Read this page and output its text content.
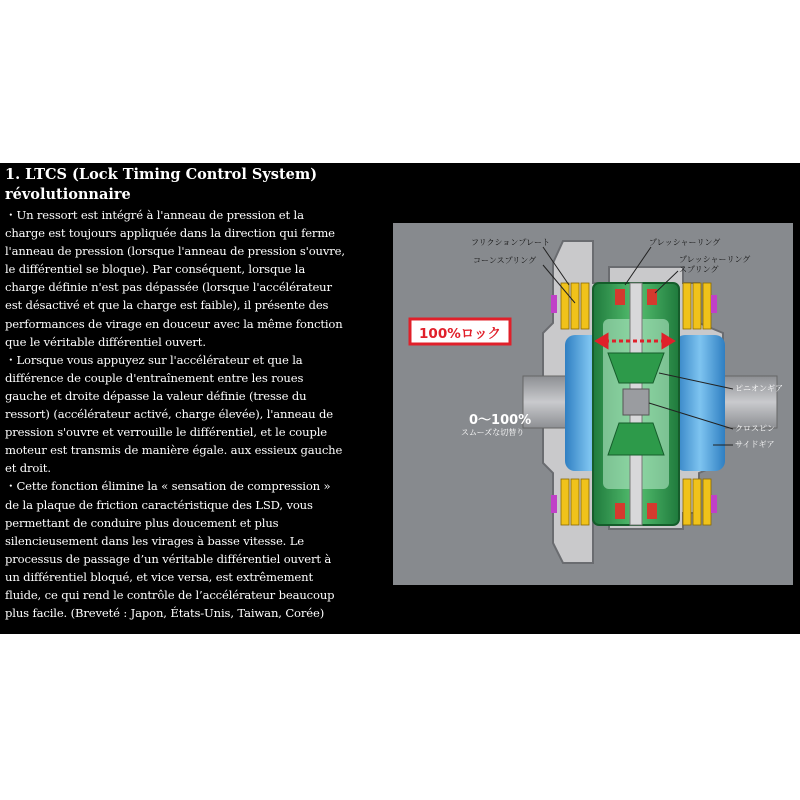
1. LTCS (Lock Timing Control System) révolutionnaire

・Un ressort est intégré à l'anneau de pression et la charge est toujours appliquée dans la direction qui ferme l'anneau de pression (lorsque l'anneau de pression s'ouvre, le différentiel se bloque). Par conséquent, lorsque la charge définie n'est pas dépassée (lorsque l'accélérateur est désactivé et que la charge est faible), il présente des performances de virage en douceur avec la même fonction que le véritable différentiel ouvert.

・Lorsque vous appuyez sur l'accélérateur et que la différence de couple d'entraînement entre les roues gauche et droite dépasse la valeur définie (tresse du ressort) (accélérateur activé, charge élevée), l'anneau de pression s'ouvre et verrouille le différentiel, et le couple moteur est transmis de manière égale. aux essieux gauche et droit.

・Cette fonction élimine la « sensation de compression » de la plaque de friction caractéristique des LSD, vous permettant de conduire plus doucement et plus silencieusement dans les virages à basse vitesse. Le processus de passage d’un véritable différentiel ouvert à un différentiel bloqué, et vice versa, est extrêmement fluide, ce qui rend le contrôle de l’accélérateur beaucoup plus facile. (Breveté : Japon, États-Unis, Taiwan, Corée)

100%ロック
0～100%
スムーズな切替り
フリクションプレート
コーンスプリング
プレッシャーリング
プレッシャーリング
スプリング
ピニオンギア
クロスピン
サイドギア
